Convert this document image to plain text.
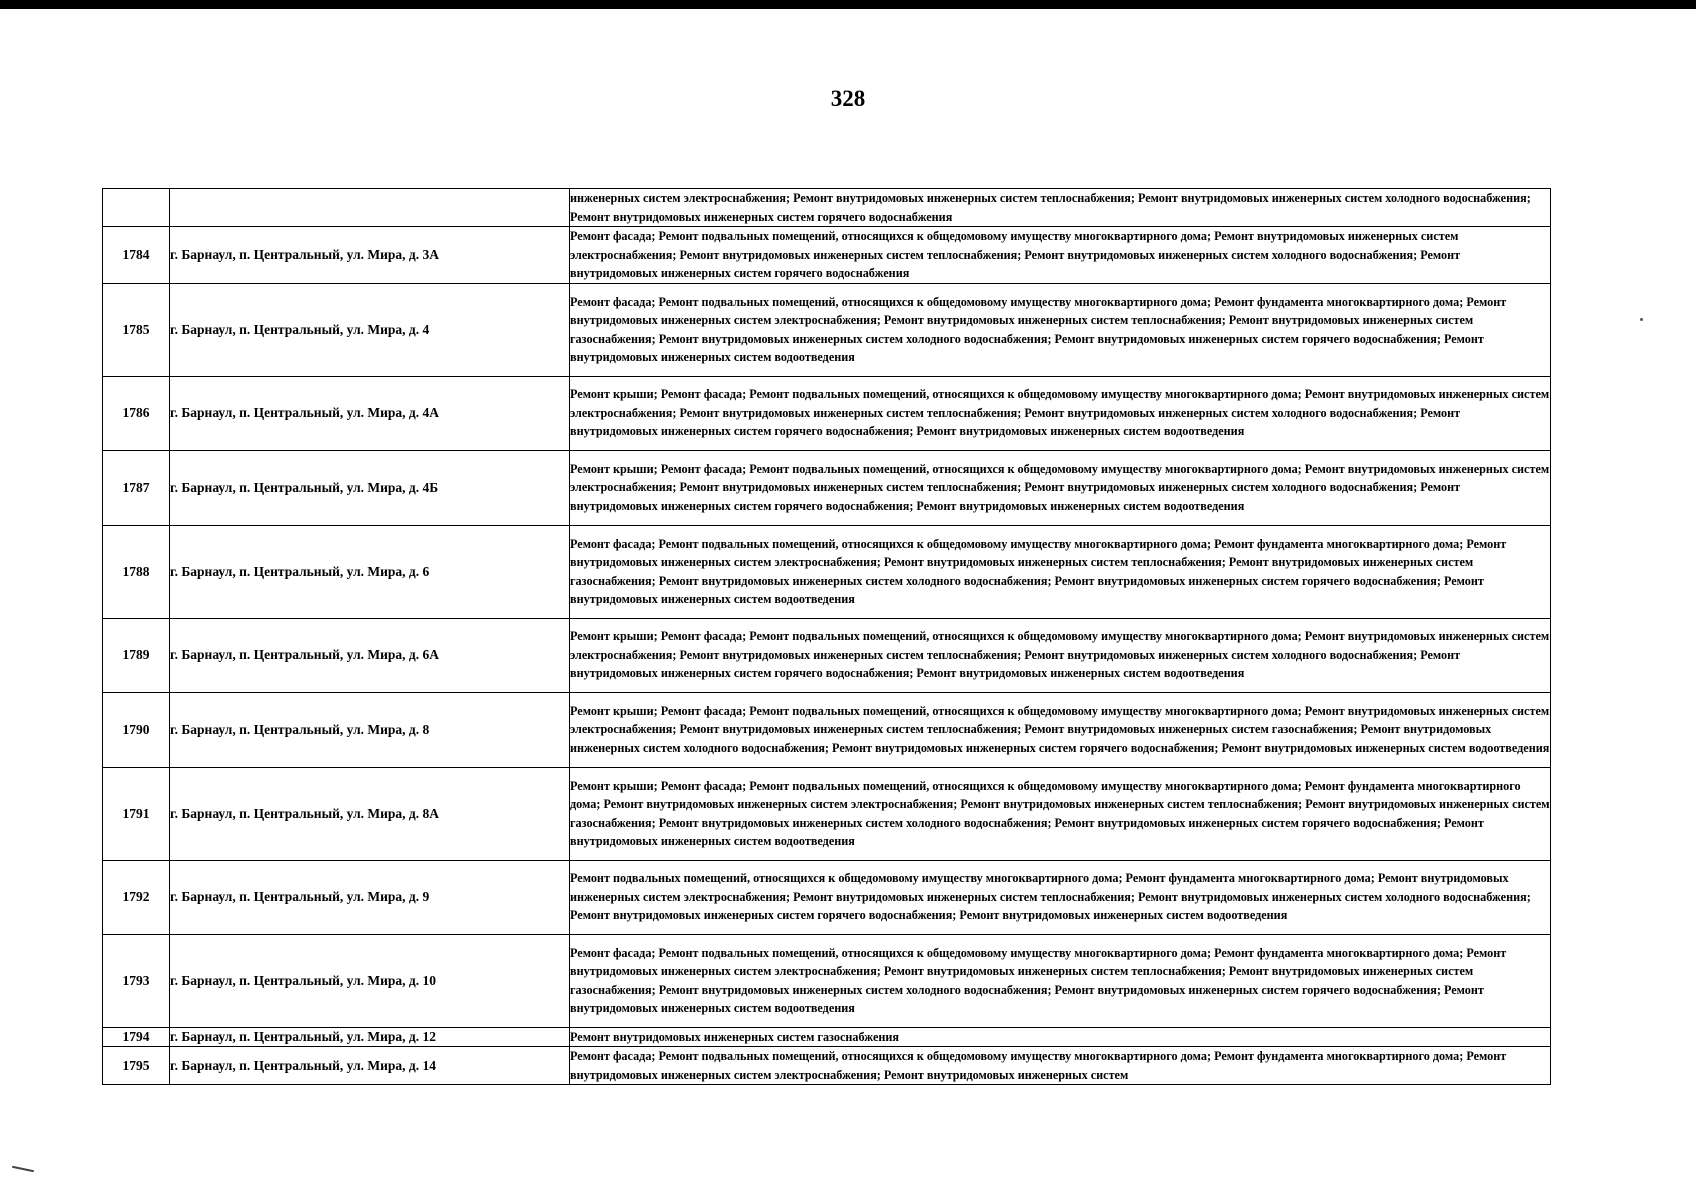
328

		инженерных систем электроснабжения; Ремонт внутридомовых инженерных систем теплоснабжения; Ремонт внутридомовых инженерных систем холодного водоснабжения; Ремонт внутридомовых инженерных систем горячего водоснабжения

1784	г. Барнаул, п. Центральный, ул. Мира, д. 3А	Ремонт фасада; Ремонт подвальных помещений, относящихся к общедомовому имуществу многоквартирного дома; Ремонт внутридомовых инженерных систем электроснабжения; Ремонт внутридомовых инженерных систем теплоснабжения; Ремонт внутридомовых инженерных систем холодного водоснабжения; Ремонт внутридомовых инженерных систем горячего водоснабжения

1785	г. Барнаул, п. Центральный, ул. Мира, д. 4	Ремонт фасада; Ремонт подвальных помещений, относящихся к общедомовому имуществу многоквартирного дома; Ремонт фундамента многоквартирного дома; Ремонт внутридомовых инженерных систем электроснабжения; Ремонт внутридомовых инженерных систем теплоснабжения; Ремонт внутридомовых инженерных систем газоснабжения; Ремонт внутридомовых инженерных систем холодного водоснабжения; Ремонт внутридомовых инженерных систем горячего водоснабжения; Ремонт внутридомовых инженерных систем водоотведения

1786	г. Барнаул, п. Центральный, ул. Мира, д. 4А	Ремонт крыши; Ремонт фасада; Ремонт подвальных помещений, относящихся к общедомовому имуществу многоквартирного дома; Ремонт внутридомовых инженерных систем электроснабжения; Ремонт внутридомовых инженерных систем теплоснабжения; Ремонт внутридомовых инженерных систем холодного водоснабжения; Ремонт внутридомовых инженерных систем горячего водоснабжения; Ремонт внутридомовых инженерных систем водоотведения

1787	г. Барнаул, п. Центральный, ул. Мира, д. 4Б	Ремонт крыши; Ремонт фасада; Ремонт подвальных помещений, относящихся к общедомовому имуществу многоквартирного дома; Ремонт внутридомовых инженерных систем электроснабжения; Ремонт внутридомовых инженерных систем теплоснабжения; Ремонт внутридомовых инженерных систем холодного водоснабжения; Ремонт внутридомовых инженерных систем горячего водоснабжения; Ремонт внутридомовых инженерных систем водоотведения

1788	г. Барнаул, п. Центральный, ул. Мира, д. 6	Ремонт фасада; Ремонт подвальных помещений, относящихся к общедомовому имуществу многоквартирного дома; Ремонт фундамента многоквартирного дома; Ремонт внутридомовых инженерных систем электроснабжения; Ремонт внутридомовых инженерных систем теплоснабжения; Ремонт внутридомовых инженерных систем газоснабжения; Ремонт внутридомовых инженерных систем холодного водоснабжения; Ремонт внутридомовых инженерных систем горячего водоснабжения; Ремонт внутридомовых инженерных систем водоотведения

1789	г. Барнаул, п. Центральный, ул. Мира, д. 6А	Ремонт крыши; Ремонт фасада; Ремонт подвальных помещений, относящихся к общедомовому имуществу многоквартирного дома; Ремонт внутридомовых инженерных систем электроснабжения; Ремонт внутридомовых инженерных систем теплоснабжения; Ремонт внутридомовых инженерных систем холодного водоснабжения; Ремонт внутридомовых инженерных систем горячего водоснабжения; Ремонт внутридомовых инженерных систем водоотведения

1790	г. Барнаул, п. Центральный, ул. Мира, д. 8	Ремонт крыши; Ремонт фасада; Ремонт подвальных помещений, относящихся к общедомовому имуществу многоквартирного дома; Ремонт внутридомовых инженерных систем электроснабжения; Ремонт внутридомовых инженерных систем теплоснабжения; Ремонт внутридомовых инженерных систем газоснабжения; Ремонт внутридомовых инженерных систем холодного водоснабжения; Ремонт внутридомовых инженерных систем горячего водоснабжения; Ремонт внутридомовых инженерных систем водоотведения

1791	г. Барнаул, п. Центральный, ул. Мира, д. 8А	Ремонт крыши; Ремонт фасада; Ремонт подвальных помещений, относящихся к общедомовому имуществу многоквартирного дома; Ремонт фундамента многоквартирного дома; Ремонт внутридомовых инженерных систем электроснабжения; Ремонт внутридомовых инженерных систем теплоснабжения; Ремонт внутридомовых инженерных систем газоснабжения; Ремонт внутридомовых инженерных систем холодного водоснабжения; Ремонт внутридомовых инженерных систем горячего водоснабжения; Ремонт внутридомовых инженерных систем водоотведения

1792	г. Барнаул, п. Центральный, ул. Мира, д. 9	Ремонт подвальных помещений, относящихся к общедомовому имуществу многоквартирного дома; Ремонт фундамента многоквартирного дома; Ремонт внутридомовых инженерных систем электроснабжения; Ремонт внутридомовых инженерных систем теплоснабжения; Ремонт внутридомовых инженерных систем холодного водоснабжения; Ремонт внутридомовых инженерных систем горячего водоснабжения; Ремонт внутридомовых инженерных систем водоотведения

1793	г. Барнаул, п. Центральный, ул. Мира, д. 10	Ремонт фасада; Ремонт подвальных помещений, относящихся к общедомовому имуществу многоквартирного дома; Ремонт фундамента многоквартирного дома; Ремонт внутридомовых инженерных систем электроснабжения; Ремонт внутридомовых инженерных систем теплоснабжения; Ремонт внутридомовых инженерных систем газоснабжения; Ремонт внутридомовых инженерных систем холодного водоснабжения; Ремонт внутридомовых инженерных систем горячего водоснабжения; Ремонт внутридомовых инженерных систем водоотведения

1794	г. Барнаул, п. Центральный, ул. Мира, д. 12	Ремонт внутридомовых инженерных систем газоснабжения

1795	г. Барнаул, п. Центральный, ул. Мира, д. 14	Ремонт фасада; Ремонт подвальных помещений, относящихся к общедомовому имуществу многоквартирного дома; Ремонт фундамента многоквартирного дома; Ремонт внутридомовых инженерных систем электроснабжения; Ремонт внутридомовых инженерных систем
